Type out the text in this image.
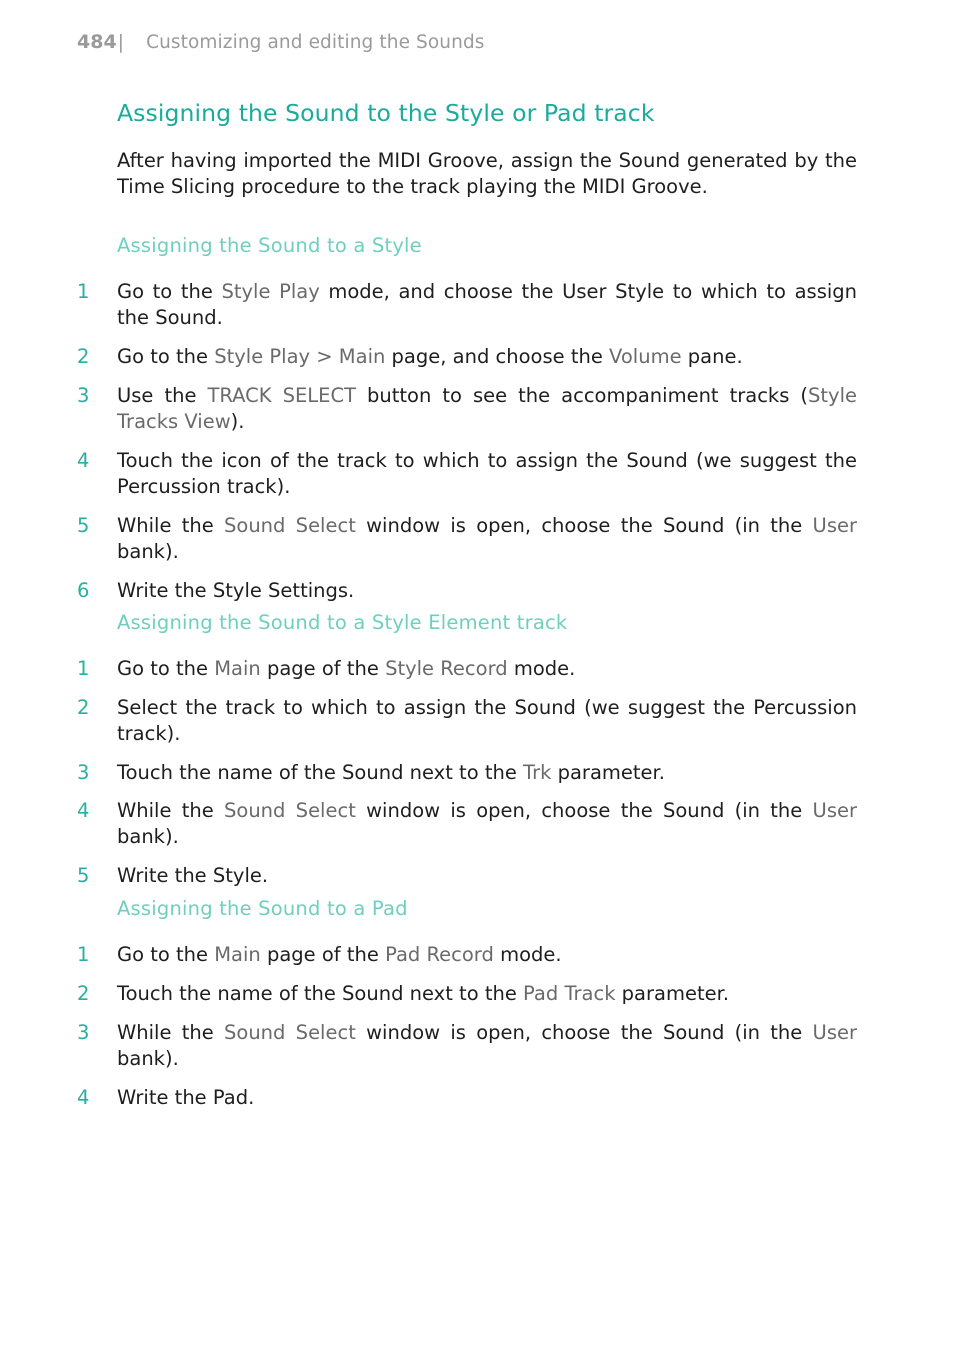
484 | Customizing and editing the Sounds
Assigning the Sound to the Style or Pad track

After having imported the MIDI Groove, assign the Sound generated by the Time Slicing procedure to the track playing the MIDI Groove.

Assigning the Sound to a Style
1 Go to the Style Play mode, and choose the User Style to which to assign the Sound.
2 Go to the Style Play > Main page, and choose the Volume pane.
3 Use the TRACK SELECT button to see the accompaniment tracks (Style Tracks View).
4 Touch the icon of the track to which to assign the Sound (we suggest the Percussion track).
5 While the Sound Select window is open, choose the Sound (in the User bank).
6 Write the Style Settings.
Assigning the Sound to a Style Element track
1 Go to the Main page of the Style Record mode.
2 Select the track to which to assign the Sound (we suggest the Percussion track).
3 Touch the name of the Sound next to the Trk parameter.
4 While the Sound Select window is open, choose the Sound (in the User bank).
5 Write the Style.
Assigning the Sound to a Pad
1 Go to the Main page of the Pad Record mode.
2 Touch the name of the Sound next to the Pad Track parameter.
3 While the Sound Select window is open, choose the Sound (in the User bank).
4 Write the Pad.
